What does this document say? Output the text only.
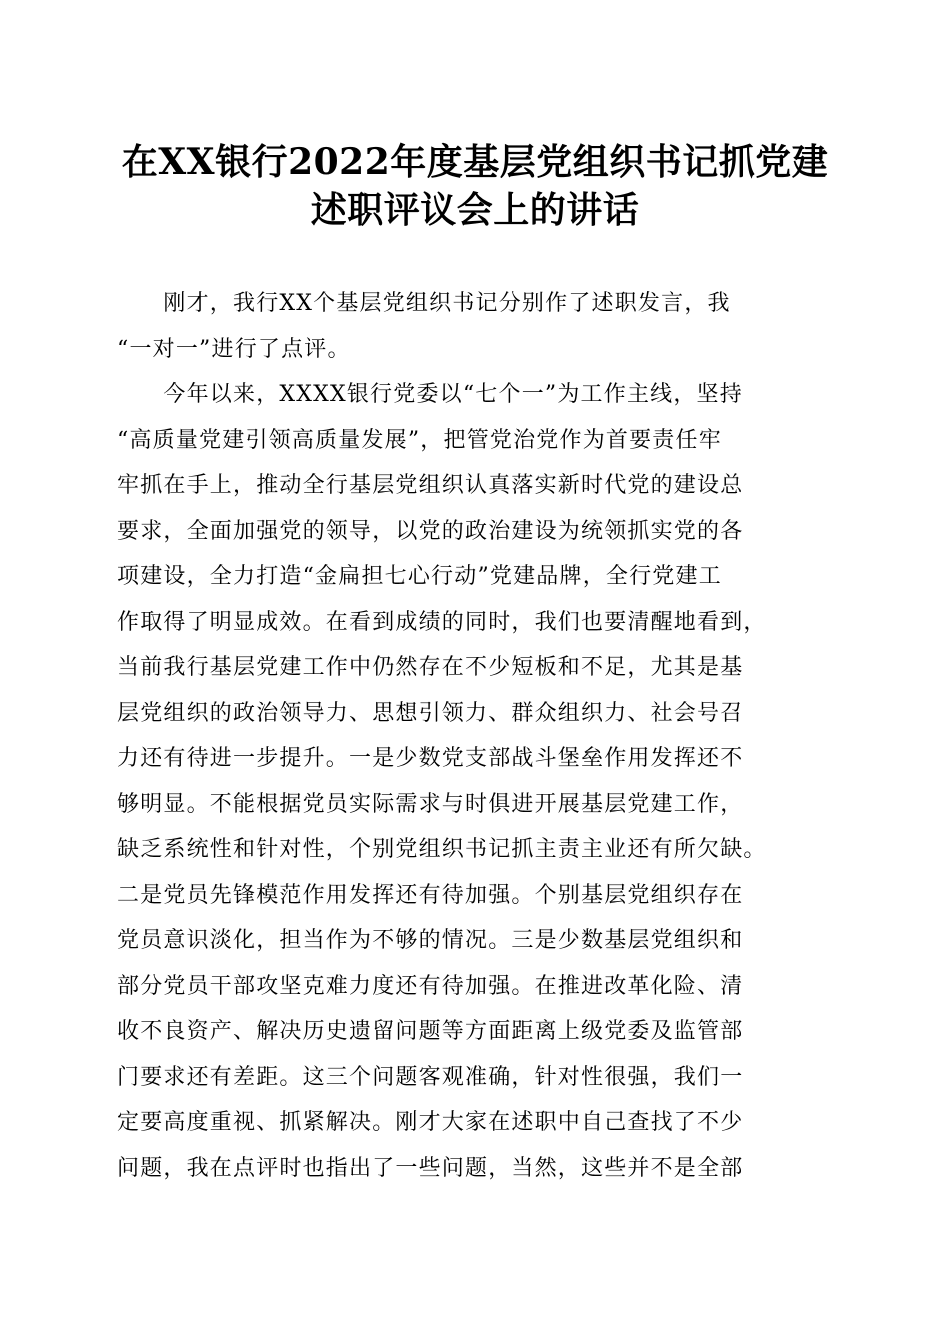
在XX银行2022年度基层党组织书记抓党建
述职评议会上的讲话
　　刚才，我行XX个基层党组织书记分别作了述职发言，我
“一对一”进行了点评。
　　今年以来，XXXX银行党委以“七个一”为工作主线，坚持
“高质量党建引领高质量发展”，把管党治党作为首要责任牢
牢抓在手上，推动全行基层党组织认真落实新时代党的建设总
要求，全面加强党的领导，以党的政治建设为统领抓实党的各
项建设，全力打造“金扁担七心行动”党建品牌，全行党建工
作取得了明显成效。在看到成绩的同时，我们也要清醒地看到，
当前我行基层党建工作中仍然存在不少短板和不足，尤其是基
层党组织的政治领导力、思想引领力、群众组织力、社会号召
力还有待进一步提升。一是少数党支部战斗堡垒作用发挥还不
够明显。不能根据党员实际需求与时俱进开展基层党建工作，
缺乏系统性和针对性，个别党组织书记抓主责主业还有所欠缺。
二是党员先锋模范作用发挥还有待加强。个别基层党组织存在
党员意识淡化，担当作为不够的情况。三是少数基层党组织和
部分党员干部攻坚克难力度还有待加强。在推进改革化险、清
收不良资产、解决历史遗留问题等方面距离上级党委及监管部
门要求还有差距。这三个问题客观准确，针对性很强，我们一
定要高度重视、抓紧解决。刚才大家在述职中自己查找了不少
问题，我在点评时也指出了一些问题，当然，这些并不是全部
